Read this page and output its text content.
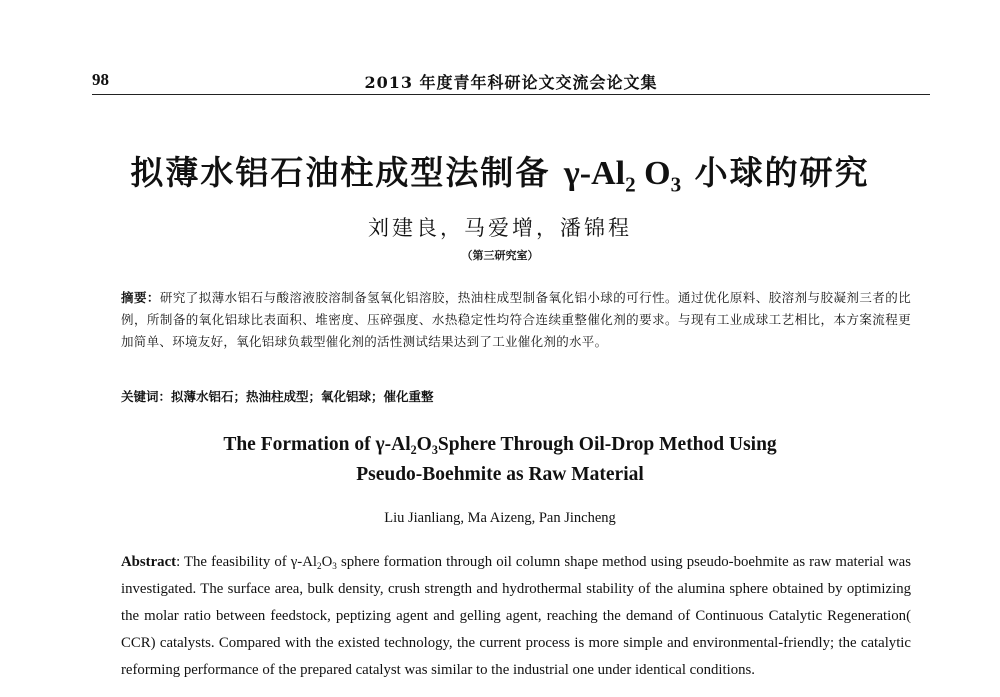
98	2013 年度青年科研论文交流会论文集
拟薄水铝石油柱成型法制备 $\gamma-Al_2$ $O_3$ 小球的研究
刘建良，马爱增，潘锦程
（第三研究室）
摘要：研究了拟薄水铝石与酸溶液胶溶制备氢氧化铝溶胶，热油柱成型制备氧化铝小球的可行性。通过优化原料、胶溶剂与胶凝剂三者的比例，所制备的氧化铝球比表面积、堆密度、压碎强度、水热稳定性均符合连续重整催化剂的要求。与现有工业成球工艺相比，本方案流程更加简单、环境友好，氧化铝球负载型催化剂的活性测试结果达到了工业催化剂的水平。
关键词：拟薄水铝石；热油柱成型；氧化铝球；催化重整
The Formation of $\gamma-Al_2O_3Sphere$ Through Oil-Drop Method Using
Pseudo-Boehmite as Raw Material
Liu Jianliang, Ma Aizeng, Pan Jincheng
Abstract: The feasibility of $\gamma-Al_2O_3$ sphere formation through oil column shape method using pseudo-boehmite as raw material was investigated. The surface area, bulk density, crush strength and hydrothermal stability of the alumina sphere obtained by optimizing the molar ratio between feedstock, peptizing agent and gelling agent, reaching the demand of Continuous Catalytic Regeneration( CCR) catalysts. Compared with the existed technology, the current process is more simple and environmental-friendly; the catalytic reforming performance of the prepared catalyst was similar to the industrial one under identical conditions.
